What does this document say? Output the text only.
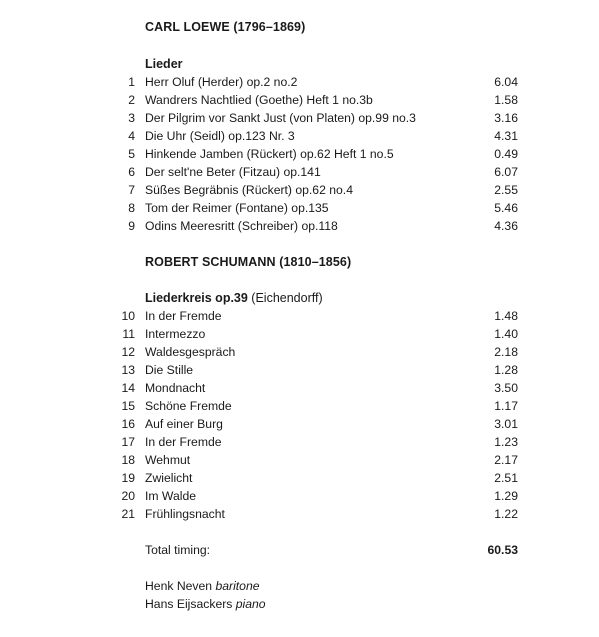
CARL LOEWE (1796–1869)
Lieder
1 Herr Oluf (Herder) op.2 no.2	6.04
2 Wandrers Nachtlied (Goethe) Heft 1 no.3b	1.58
3 Der Pilgrim vor Sankt Just (von Platen) op.99 no.3	3.16
4 Die Uhr (Seidl) op.123 Nr. 3	4.31
5 Hinkende Jamben (Rückert) op.62 Heft 1 no.5	0.49
6 Der selt'ne Beter (Fitzau) op.141	6.07
7 Süßes Begräbnis (Rückert) op.62 no.4	2.55
8 Tom der Reimer (Fontane) op.135	5.46
9 Odins Meeresritt (Schreiber) op.118	4.36
ROBERT SCHUMANN (1810–1856)
Liederkreis op.39 (Eichendorff)
10 In der Fremde	1.48
11 Intermezzo	1.40
12 Waldesgespräch	2.18
13 Die Stille	1.28
14 Mondnacht	3.50
15 Schöne Fremde	1.17
16 Auf einer Burg	3.01
17 In der Fremde	1.23
18 Wehmut	2.17
19 Zwielicht	2.51
20 Im Walde	1.29
21 Frühlingsnacht	1.22
Total timing:	60.53
Henk Neven baritone
Hans Eijsackers piano
